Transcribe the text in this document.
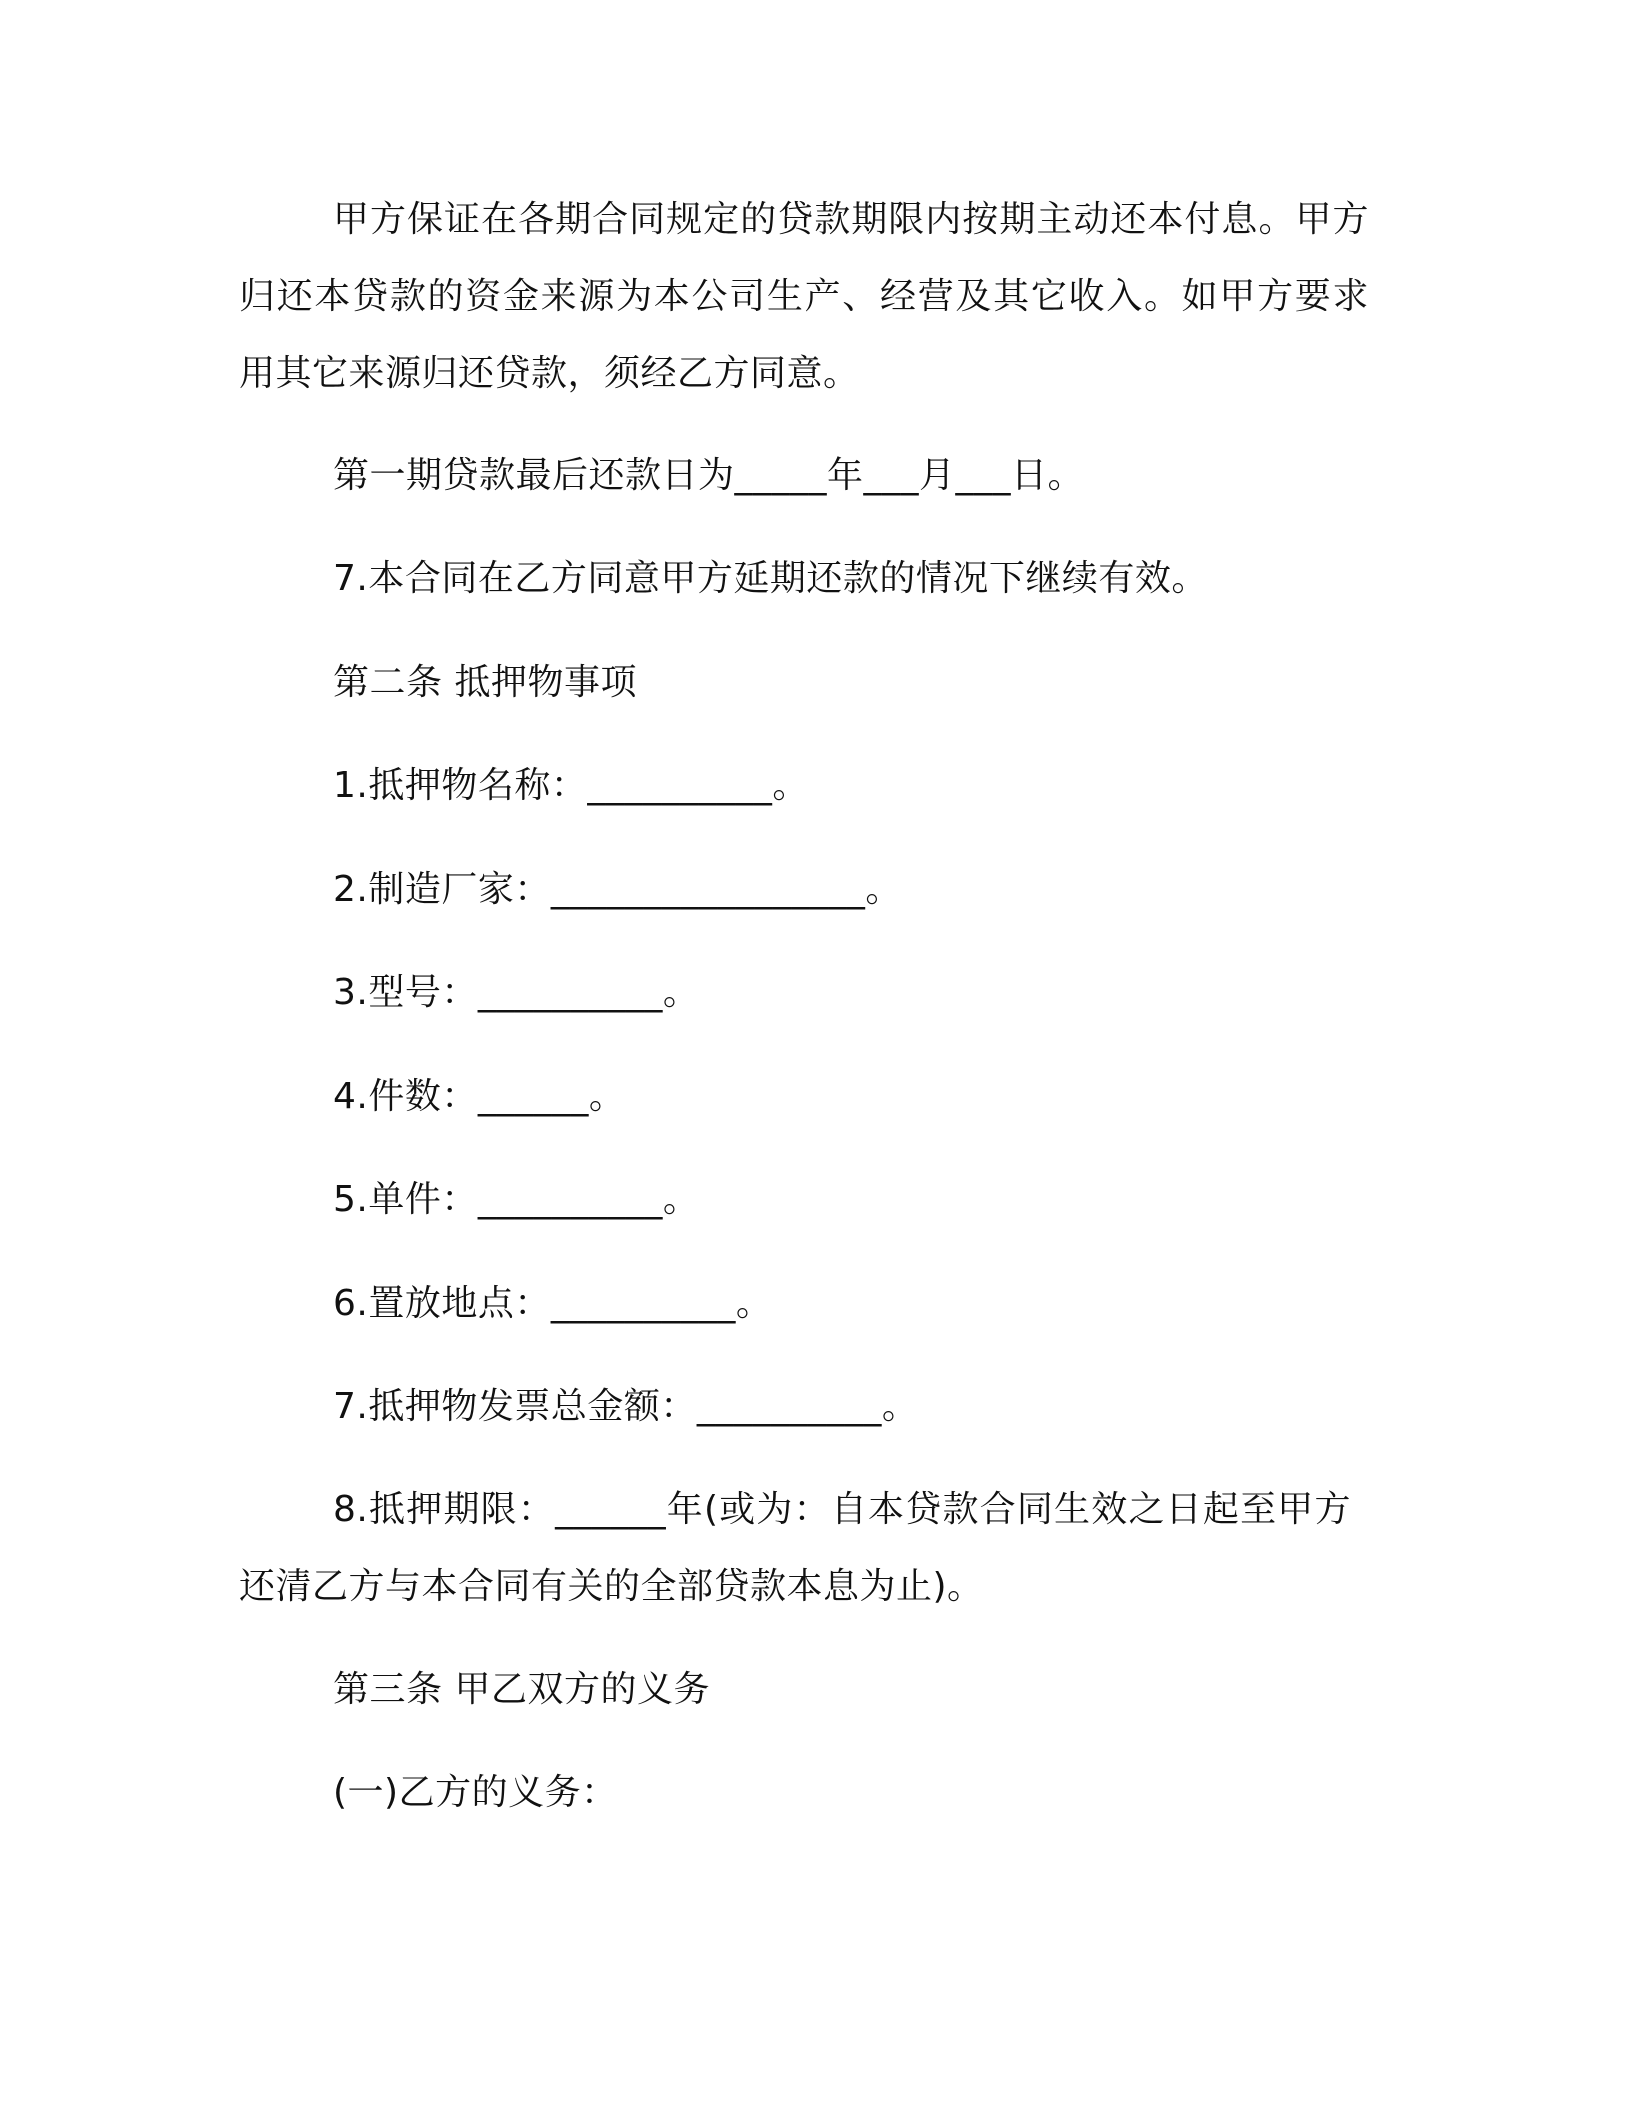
甲方保证在各期合同规定的贷款期限内按期主动还本付息。甲方
归还本贷款的资金来源为本公司生产、经营及其它收入。如甲方要求
用其它来源归还贷款，须经乙方同意。
第一期贷款最后还款日为_____年___月___日。
7.本合同在乙方同意甲方延期还款的情况下继续有效。
第二条 抵押物事项
1.抵押物名称：__________。
2.制造厂家：_________________。
3.型号：__________。
4.件数：______。
5.单件：__________。
6.置放地点：__________。
7.抵押物发票总金额：__________。
8.抵押期限：______年(或为：自本贷款合同生效之日起至甲方
还清乙方与本合同有关的全部贷款本息为止)。
第三条 甲乙双方的义务
(一)乙方的义务：
